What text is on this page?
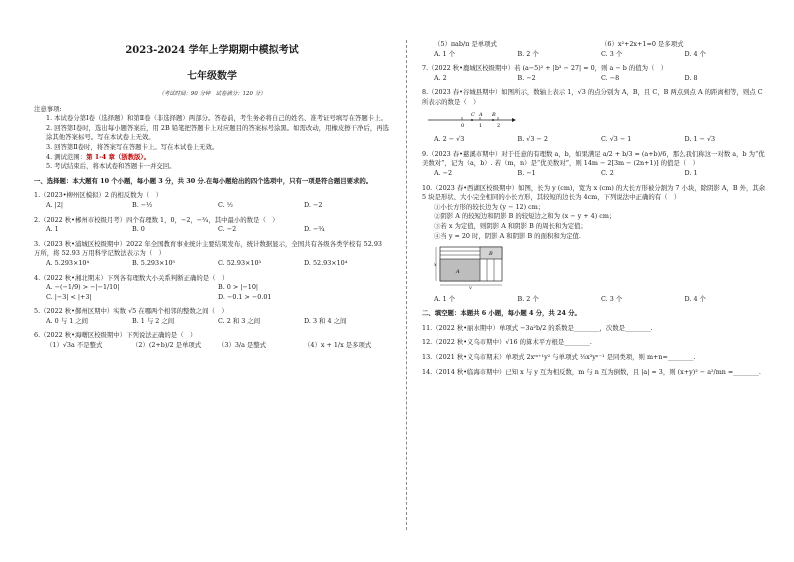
2023-2024 学年上学期期中模拟考试
七年级数学
（考试时间：90 分钟　试卷满分：120 分）

注意事项:

1. 本试卷分第Ⅰ卷（选择题）和第Ⅱ卷（非选择题）两部分。答卷前，考生务必将自己的姓名、准考证号填写在答题卡上。

2. 回答第Ⅰ卷时，选出每小题答案后，用 2B 铅笔把答题卡上对应题目的答案标号涂黑。如需改动，用橡皮擦干净后，再选涂其他答案标号。写在本试卷上无效。

3. 回答第Ⅱ卷时，将答案写在答题卡上。写在本试卷上无效。

4. 测试范围：第 1-4 章（浙教版）。

5. 考试结束后，将本试卷和答题卡一并交回。

一、选择题：本大题有 10 个小题，每小题 3 分，共 30 分.在每小题给出的四个选项中，只有一项是符合题目要求的。

1.（2023•柳州区模拟）2 的相反数为（　）

A. |2|	B. −½	C. ½	D. −2

2.（2022 秋•郴州市校级月考）四个有理数 1，0，−2，−¾，其中最小的数是（　）

A. 1	B. 0	C. −2	D. −¾

3.（2023 秋•浦城区校级期中）2022 年全国教育事业统计主要结果发布，统计数据显示，全国共有各级各类学校有 52.93 万所，将 52.93 万用科学记数法表示为（　）

A. 5.293×10⁴	B. 5.293×10⁵	C. 52.93×10³	D. 52.93×10⁴

4.（2022 秋•湘北期末）下列各有理数大小关系判断正确的是（　）

A. −(−1/9) > −|−1/10|	B. 0 > |−10|
C. |−3| < |+3|	D. −0.1 > −0.01

5.（2022 秋•鄞州区期中）实数 √5 在哪两个相邻的整数之间（　）

A. 0 与 1 之间	B. 1 与 2 之间	C. 2 和 3 之间	D. 3 和 4 之间

6.（2022 秋•海曙区校级期中）下列说法正确的是（　）

（1）√3a 不是整式	（2）(2+b)/2 是单项式	（3）3/a 是整式	（4）x + 1/x 是多项式
（5）πab/π 是单项式	（6）x²+2x+1=0 是多项式
A. 1 个	B. 2 个	C. 3 个	D. 4 个

7.（2022 秋•鹿城区校级期中）若 (a−5)² + |b³ − 27| = 0，则 a − b 的值为（　）

A. 2	B. −2	C. −8	D. 8

8.（2023 春•谷城县期中）如图所示，数轴上表示 1，√3 的点分别为 A，B，且 C，B 两点到点 A 的距离相等，则点 C 所表示的数是（　）

C A B
0	1	2
A. 2 − √3	B. √3 − 2	C. √3 − 1	D. 1 − √3

9.（2023 春•慈溪市期中）对于任意的有理数 a，b，如果满足 a/2 + b/3 = (a+b)/6，那么我们称这一对数 a，b 为“优美数对”，记为（a，b）. 若（m，n）是“优美数对”，则 14m − 2[3m − (2n+1)] 的值是（　）

A. −2	B. −1	C. 2	D. 1

10.（2023 春•西湖区校级期中）如图，长为 y (cm)，宽为 x (cm) 的大长方形被分割为 7 小块，除阴影 A，B 外，其余 5 块是形状、大小完全相同的小长方形，其较短的边长为 4cm，下列说法中正确的有（　）

①小长方形的较长边为 (y − 12) cm；

②阴影 A 的较短边和阴影 B 的较短边之和为 (x − y + 4) cm；

③若 x 为定值，则阴影 A 和阴影 B 的周长和为定值；

④当 y = 20 时，阴影 A 和阴影 B 的面积和为定值.

A
B
y
x
A. 1 个	B. 2 个	C. 3 个	D. 4 个

二、填空题：本题共 6 小题，每小题 4 分，共 24 分。

11.（2022 秋•丽水期中）单项式 −3a²b/2 的系数是________，次数是________.

12.（2022 秋•义乌市期中）√16 的算术平方根是________.

13.（2021 秋•义乌市期末）单项式 2xᵐ⁺¹y² 与单项式 ⅓x³yⁿ⁻¹ 是同类项，则 m+n=________.

14.（2014 秋•临海市期中）已知 x 与 y 互为相反数，m 与 n 互为倒数，且 |a| = 3，则 (x+y)² − a²/mn =________.
